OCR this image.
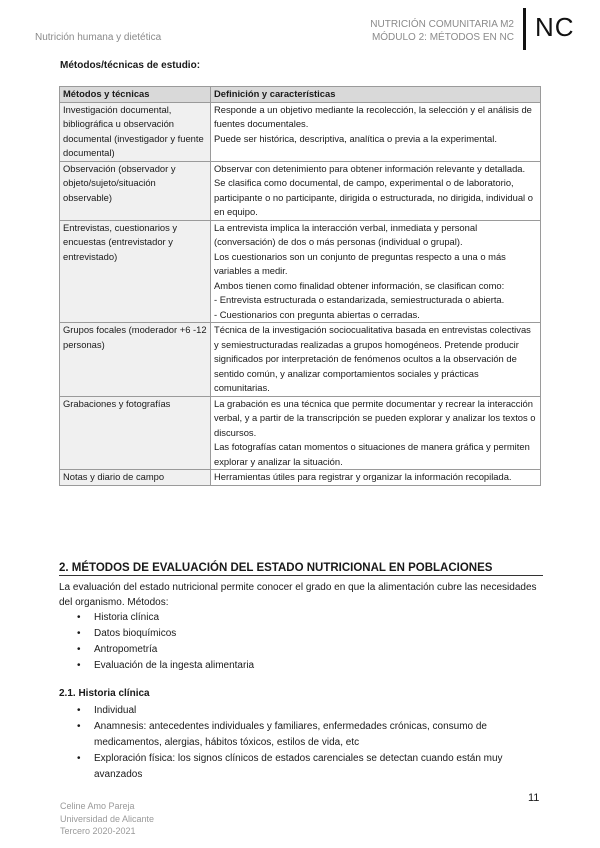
Nutrición humana y dietética
NUTRICIÓN COMUNITARIA M2
MÓDULO 2: MÉTODOS EN NC NC
Métodos/técnicas de estudio:
Métodos y técnicas	Definición y características
Investigación documental, bibliográfica u observación documental (investigador y fuente documental)	Responde a un objetivo mediante la recolección, la selección y el análisis de fuentes documentales.
Puede ser histórica, descriptiva, analítica o previa a la experimental.

Observación (observador y objeto/sujeto/situación observable)	Observar con detenimiento para obtener información relevante y detallada. Se clasifica como documental, de campo, experimental o de laboratorio, participante o no participante, dirigida o estructurada, no dirigida, individual o en equipo.

Entrevistas, cuestionarios y encuestas (entrevistador y entrevistado)	La entrevista implica la interacción verbal, inmediata y personal (conversación) de dos o más personas (individual o grupal).
Los cuestionarios son un conjunto de preguntas respecto a una o más variables a medir.
Ambos tienen como finalidad obtener información, se clasifican como:
- Entrevista estructurada o estandarizada, semiestructurada o abierta.
- Cuestionarios con pregunta abiertas o cerradas.

Grupos focales (moderador +6 -12 personas)	Técnica de la investigación sociocualitativa basada en entrevistas colectivas y semiestructuradas realizadas a grupos homogéneos. Pretende producir significados por interpretación de fenómenos ocultos a la observación de sentido común, y analizar comportamientos sociales y prácticas comunitarias.

Grabaciones y fotografías	La grabación es una técnica que permite documentar y recrear la interacción verbal, y a partir de la transcripción se pueden explorar y analizar los textos o discursos.
Las fotografías catan momentos o situaciones de manera gráfica y permiten explorar y analizar la situación.

Notas y diario de campo	Herramientas útiles para registrar y organizar la información recopilada.
2. MÉTODOS DE EVALUACIÓN DEL ESTADO NUTRICIONAL EN POBLACIONES
La evaluación del estado nutricional permite conocer el grado en que la alimentación cubre las necesidades del organismo. Métodos:
• Historia clínica
• Datos bioquímicos
• Antropometría
• Evaluación de la ingesta alimentaria
2.1. Historia clínica
• Individual
• Anamnesis: antecedentes individuales y familiares, enfermedades crónicas, consumo de medicamentos, alergias, hábitos tóxicos, estilos de vida, etc
• Exploración física: los signos clínicos de estados carenciales se detectan cuando están muy avanzados
11
Celine Amo Pareja
Universidad de Alicante
Tercero 2020-2021
